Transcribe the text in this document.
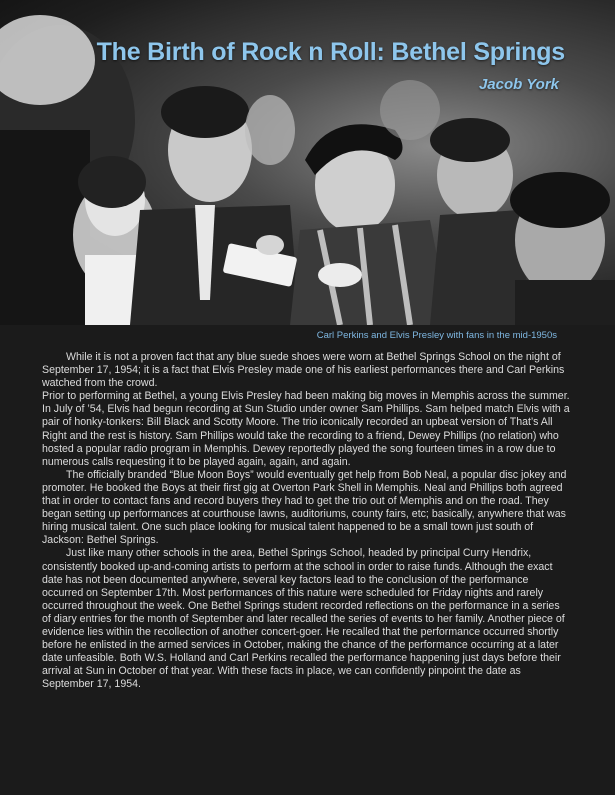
The Birth of Rock n Roll: Bethel Springs
Jacob York
Carl Perkins and Elvis Presley with fans in the mid-1950s

While it is not a proven fact that any blue suede shoes were worn at Bethel Springs School on the night of September 17, 1954; it is a fact that Elvis Presley made one of his earliest performances there and Carl Perkins watched from the crowd.

Prior to performing at Bethel, a young Elvis Presley had been making big moves in Memphis across the summer. In July of ’54, Elvis had begun recording at Sun Studio under owner Sam Phillips. Sam helped match Elvis with a pair of honky-tonkers: Bill Black and Scotty Moore. The trio iconically recorded an upbeat version of That’s All Right and the rest is history. Sam Phillips would take the recording to a friend, Dewey Phillips (no relation) who hosted a popular radio program in Memphis. Dewey reportedly played the song fourteen times in a row due to numerous calls requesting it to be played again, again, and again.

The officially branded “Blue Moon Boys” would eventually get help from Bob Neal, a popular disc jokey and promoter. He booked the Boys at their first gig at Overton Park Shell in Memphis. Neal and Phillips both agreed that in order to contact fans and record buyers they had to get the trio out of Memphis and on the road. They began setting up performances at courthouse lawns, auditoriums, county fairs, etc; basically, anywhere that was hiring musical talent. One such place looking for musical talent happened to be a small town just south of Jackson: Bethel Springs.

Just like many other schools in the area, Bethel Springs School, headed by principal Curry Hendrix, consistently booked up-and-coming artists to perform at the school in order to raise funds. Although the exact date has not been documented anywhere, several key factors lead to the conclusion of the performance occurred on September 17th. Most performances of this nature were scheduled for Friday nights and rarely occurred throughout the week. One Bethel Springs student recorded reflections on the performance in a series of diary entries for the month of September and later recalled the series of events to her family. Another piece of evidence lies within the recollection of another concert-goer. He recalled that the performance occurred shortly before he enlisted in the armed services in October, making the chance of the performance occurring at a later date unfeasible. Both W.S. Holland and Carl Perkins recalled the performance happening just days before their arrival at Sun in October of that year. With these facts in place, we can confidently pinpoint the date as September 17, 1954.
